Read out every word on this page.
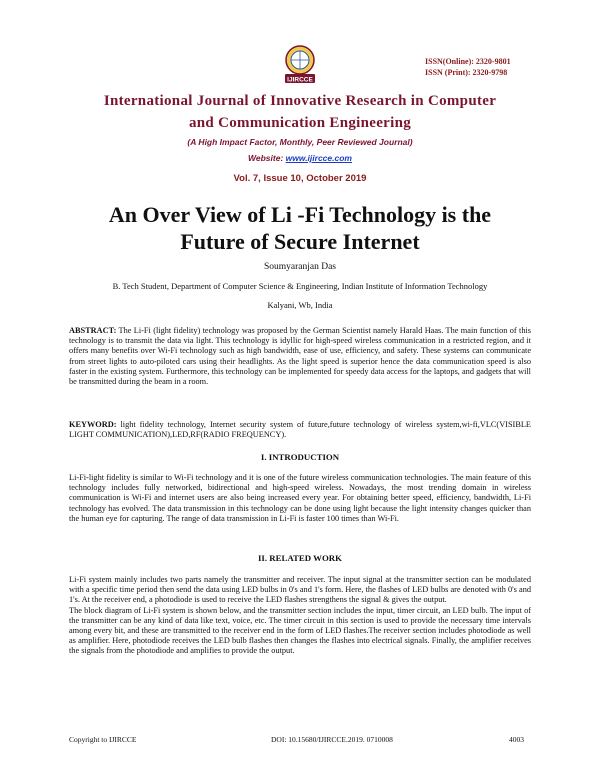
IJIRCCE
ISSN(Online): 2320-9801
ISSN (Print): 2320-9798
International Journal of Innovative Research in Computer
and Communication Engineering
(A High Impact Factor, Monthly, Peer Reviewed Journal)
Website: www.ijircce.com
Vol. 7, Issue 10, October 2019
An Over View of Li -Fi Technology is the
Future of Secure Internet
Soumyaranjan Das
B. Tech Student, Department of Computer Science & Engineering, Indian Institute of Information Technology
Kalyani, Wb, India
ABSTRACT: The Li-Fi (light fidelity) technology was proposed by the German Scientist namely Harald Haas. The main function of this technology is to transmit the data via light. This technology is idyllic for high-speed wireless communication in a restricted region, and it offers many benefits over Wi-Fi technology such as high bandwidth, ease of use, efficiency, and safety. These systems can communicate from street lights to auto-piloted cars using their headlights. As the light speed is superior hence the data communication speed is also faster in the existing system. Furthermore, this technology can be implemented for speedy data access for the laptops, and gadgets that will be transmitted during the beam in a room.
KEYWORD: light fidelity technology, Internet security system of future,future technology of wireless system,wi-fi,VLC(VISIBLE LIGHT COMMUNICATION),LED,RF(RADIO FREQUENCY).
I. INTRODUCTION
Li-Fi-light fidelity is similar to Wi-Fi technology and it is one of the future wireless communication technologies. The main feature of this technology includes fully networked, bidirectional and high-speed wireless. Nowadays, the most trending domain in wireless communication is Wi-Fi and internet users are also being increased every year. For obtaining better speed, efficiency, bandwidth, Li-Fi technology has evolved. The data transmission in this technology can be done using light because the light intensity changes quicker than the human eye for capturing. The range of data transmission in Li-Fi is faster 100 times than Wi-Fi.
II. RELATED WORK
Li-Fi system mainly includes two parts namely the transmitter and receiver. The input signal at the transmitter section can be modulated with a specific time period then send the data using LED bulbs in 0's and 1's form. Here, the flashes of LED bulbs are denoted with 0's and 1's. At the receiver end, a photodiode is used to receive the LED flashes strengthens the signal & gives the output.
The block diagram of Li-Fi system is shown below, and the transmitter section includes the input, timer circuit, an LED bulb. The input of the transmitter can be any kind of data like text, voice, etc. The timer circuit in this section is used to provide the necessary time intervals among every bit, and these are transmitted to the receiver end in the form of LED flashes.The receiver section includes photodiode as well as amplifier. Here, photodiode receives the LED bulb flashes then changes the flashes into electrical signals. Finally, the amplifier receives the signals from the photodiode and amplifies to provide the output.
Copyright to IJIRCCE	DOI: 10.15680/IJIRCCE.2019. 0710008	4003
